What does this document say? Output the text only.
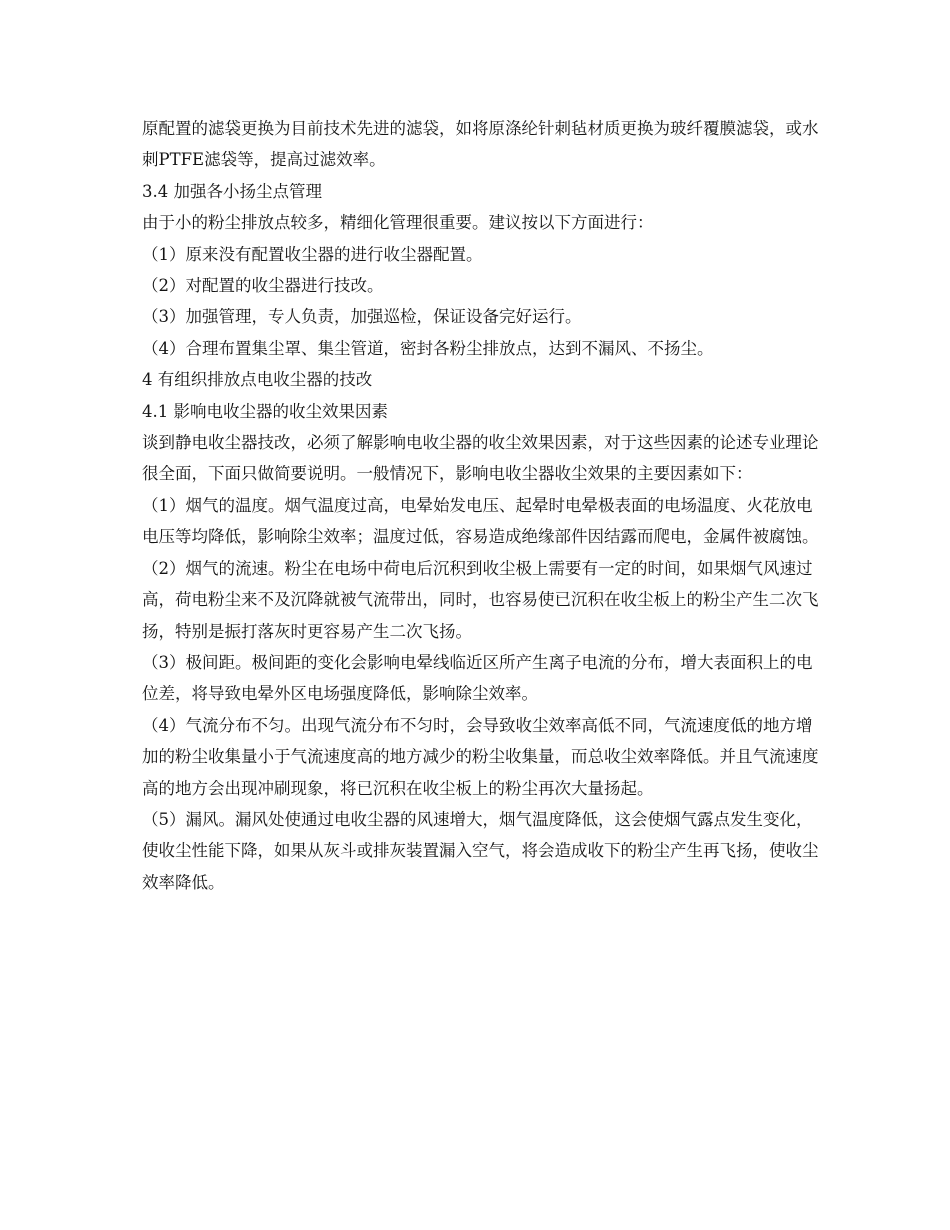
原配置的滤袋更换为目前技术先进的滤袋，如将原涤纶针刺毡材质更换为玻纤覆膜滤袋，或水刺PTFE滤袋等，提高过滤效率。

3.4 加强各小扬尘点管理

由于小的粉尘排放点较多，精细化管理很重要。建议按以下方面进行：

（1）原来没有配置收尘器的进行收尘器配置。

（2）对配置的收尘器进行技改。

（3）加强管理，专人负责，加强巡检，保证设备完好运行。

（4）合理布置集尘罩、集尘管道，密封各粉尘排放点，达到不漏风、不扬尘。

4 有组织排放点电收尘器的技改

4.1 影响电收尘器的收尘效果因素

谈到静电收尘器技改，必须了解影响电收尘器的收尘效果因素，对于这些因素的论述专业理论很全面，下面只做简要说明。一般情况下，影响电收尘器收尘效果的主要因素如下：

（1）烟气的温度。烟气温度过高，电晕始发电压、起晕时电晕极表面的电场温度、火花放电电压等均降低，影响除尘效率；温度过低，容易造成绝缘部件因结露而爬电，金属件被腐蚀。

（2）烟气的流速。粉尘在电场中荷电后沉积到收尘极上需要有一定的时间，如果烟气风速过高，荷电粉尘来不及沉降就被气流带出，同时，也容易使已沉积在收尘板上的粉尘产生二次飞扬，特别是振打落灰时更容易产生二次飞扬。

（3）极间距。极间距的变化会影响电晕线临近区所产生离子电流的分布，增大表面积上的电位差，将导致电晕外区电场强度降低，影响除尘效率。

（4）气流分布不匀。出现气流分布不匀时，会导致收尘效率高低不同，气流速度低的地方增加的粉尘收集量小于气流速度高的地方减少的粉尘收集量，而总收尘效率降低。并且气流速度高的地方会出现冲刷现象，将已沉积在收尘板上的粉尘再次大量扬起。

（5）漏风。漏风处使通过电收尘器的风速增大，烟气温度降低，这会使烟气露点发生变化，使收尘性能下降，如果从灰斗或排灰装置漏入空气，将会造成收下的粉尘产生再飞扬，使收尘效率降低。
